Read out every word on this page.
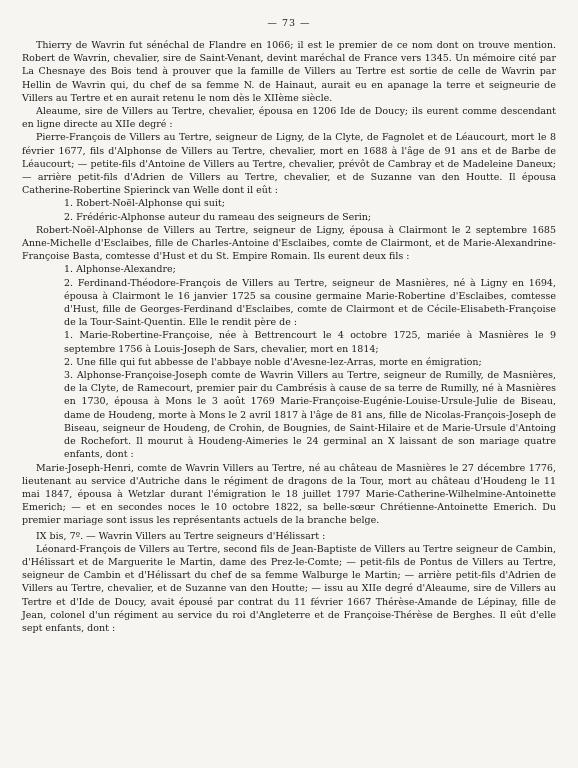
— 73 —

Thierry de Wavrin fut sénéchal de Flandre en 1066; il est le premier de ce nom dont on trouve mention. Robert de Wavrin, chevalier, sire de Saint-Venant, devint maréchal de France vers 1345. Un mémoire cité par La Chesnaye des Bois tend à prouver que la famille de Villers au Tertre est sortie de celle de Wavrin par Hellin de Wavrin qui, du chef de sa femme N. de Hainaut, aurait eu en apanage la terre et seigneurie de Villers au Tertre et en aurait retenu le nom dès le XIIème siècle.

Aleaume, sire de Villers au Tertre, chevalier, épousa en 1206 Ide de Doucy; ils eurent comme descendant en ligne directe au XIIe degré :

Pierre-François de Villers au Tertre, seigneur de Ligny, de la Clyte, de Fagnolet et de Léaucourt, mort le 8 février 1677, fils d'Alphonse de Villers au Tertre, chevalier, mort en 1688 à l'âge de 91 ans et de Barbe de Léaucourt; — petite-fils d'Antoine de Villers au Tertre, chevalier, prévôt de Cambray et de Madeleine Daneux; — arrière petit-fils d'Adrien de Villers au Tertre, chevalier, et de Suzanne van den Houtte. Il épousa Catherine-Robertine Spierinck van Welle dont il eût :

1. Robert-Noël-Alphonse qui suit;

2. Frédéric-Alphonse auteur du rameau des seigneurs de Serin;

Robert-Noël-Alphonse de Villers au Tertre, seigneur de Ligny, épousa à Clairmont le 2 septembre 1685 Anne-Michelle d'Esclaibes, fille de Charles-Antoine d'Esclaibes, comte de Clairmont, et de Marie-Alexandrine-Françoise Basta, comtesse d'Hust et du St. Empire Romain. Ils eurent deux fils :

1. Alphonse-Alexandre;

2. Ferdinand-Théodore-François de Villers au Tertre, seigneur de Masnières, né à Ligny en 1694, épousa à Clairmont le 16 janvier 1725 sa cousine germaine Marie-Robertine d'Esclaibes, comtesse d'Hust, fille de Georges-Ferdinand d'Esclaibes, comte de Clairmont et de Cécile-Elisabeth-Françoise de la Tour-Saint-Quentin. Elle le rendit père de :

1. Marie-Robertine-Françoise, née à Bettrencourt le 4 octobre 1725, mariée à Masnières le 9 septembre 1756 à Louis-Joseph de Sars, chevalier, mort en 1814;

2. Une fille qui fut abbesse de l'abbaye noble d'Avesne-lez-Arras, morte en émigration;

3. Alphonse-Françoise-Joseph comte de Wavrin Villers au Tertre, seigneur de Rumilly, de Masnières, de la Clyte, de Ramecourt, premier pair du Cambrésis à cause de sa terre de Rumilly, né à Masnières en 1730, épousa à Mons le 3 août 1769 Marie-Françoise-Eugénie-Louise-Ursule-Julie de Biseau, dame de Houdeng, morte à Mons le 2 avril 1817 à l'âge de 81 ans, fille de Nicolas-François-Joseph de Biseau, seigneur de Houdeng, de Crohin, de Bougnies, de Saint-Hilaire et de Marie-Ursule d'Antoing de Rochefort. Il mourut à Houdeng-Aimeries le 24 germinal an X laissant de son mariage quatre enfants, dont :

Marie-Joseph-Henri, comte de Wavrin Villers au Tertre, né au château de Masnières le 27 décembre 1776, lieutenant au service d'Autriche dans le régiment de dragons de la Tour, mort au château d'Houdeng le 11 mai 1847, épousa à Wetzlar durant l'émigration le 18 juillet 1797 Marie-Catherine-Wilhelmine-Antoinette Emerich; — et en secondes noces le 10 octobre 1822, sa belle-sœur Chrétienne-Antoinette Emerich. Du premier mariage sont issus les représentants actuels de la branche belge.

IX bis, 7º. — Wavrin Villers au Tertre seigneurs d'Hélissart :

Léonard-François de Villers au Tertre, second fils de Jean-Baptiste de Villers au Tertre seigneur de Cambin, d'Hélissart et de Marguerite le Martin, dame des Prez-le-Comte; — petit-fils de Pontus de Villers au Tertre, seigneur de Cambin et d'Hélissart du chef de sa femme Walburge le Martin; — arrière petit-fils d'Adrien de Villers au Tertre, chevalier, et de Suzanne van den Houtte; — issu au XIIe degré d'Aleaume, sire de Villers au Tertre et d'Ide de Doucy, avait épousé par contrat du 11 février 1667 Thérèse-Amande de Lépinay, fille de Jean, colonel d'un régiment au service du roi d'Angleterre et de Françoise-Thérèse de Berghes. Il eût d'elle sept enfants, dont :
